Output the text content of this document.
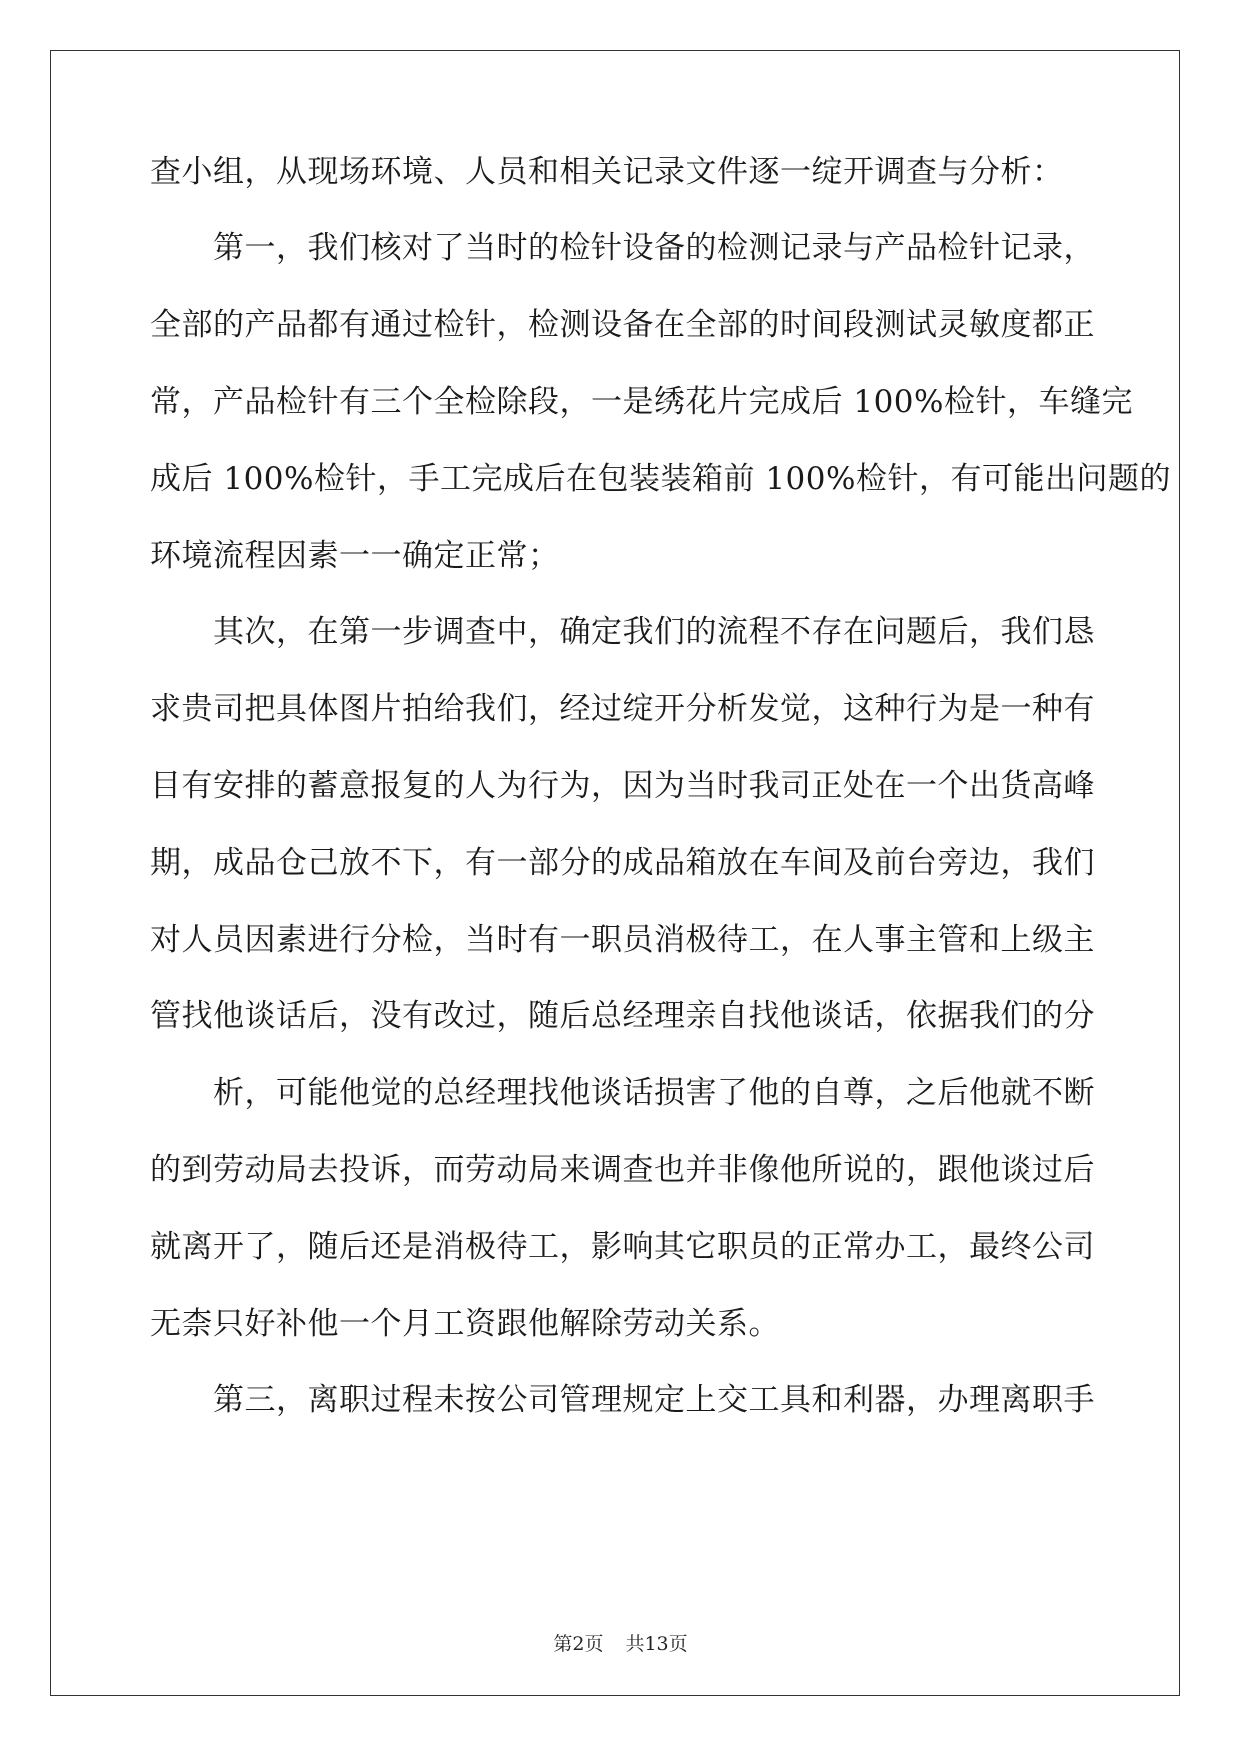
查小组，从现场环境、人员和相关记录文件逐一绽开调查与分析：
　　第一，我们核对了当时的检针设备的检测记录与产品检针记录，
全部的产品都有通过检针，检测设备在全部的时间段测试灵敏度都正
常，产品检针有三个全检除段，一是绣花片完成后 100%检针，车缝完
成后 100%检针，手工完成后在包装装箱前 100%检针，有可能出问题的
环境流程因素一一确定正常；
　　其次，在第一步调查中，确定我们的流程不存在问题后，我们恳
求贵司把具体图片拍给我们，经过绽开分析发觉，这种行为是一种有
目有安排的蓄意报复的人为行为，因为当时我司正处在一个出货高峰
期，成品仓己放不下，有一部分的成品箱放在车间及前台旁边，我们
对人员因素进行分检，当时有一职员消极待工，在人事主管和上级主
管找他谈话后，没有改过，随后总经理亲自找他谈话，依据我们的分
　　析，可能他觉的总经理找他谈话损害了他的自尊，之后他就不断
的到劳动局去投诉，而劳动局来调查也并非像他所说的，跟他谈过后
就离开了，随后还是消极待工，影响其它职员的正常办工，最终公司
无柰只好补他一个月工资跟他解除劳动关系。
　　第三，离职过程未按公司管理规定上交工具和利器，办理离职手
第2页 共13页
